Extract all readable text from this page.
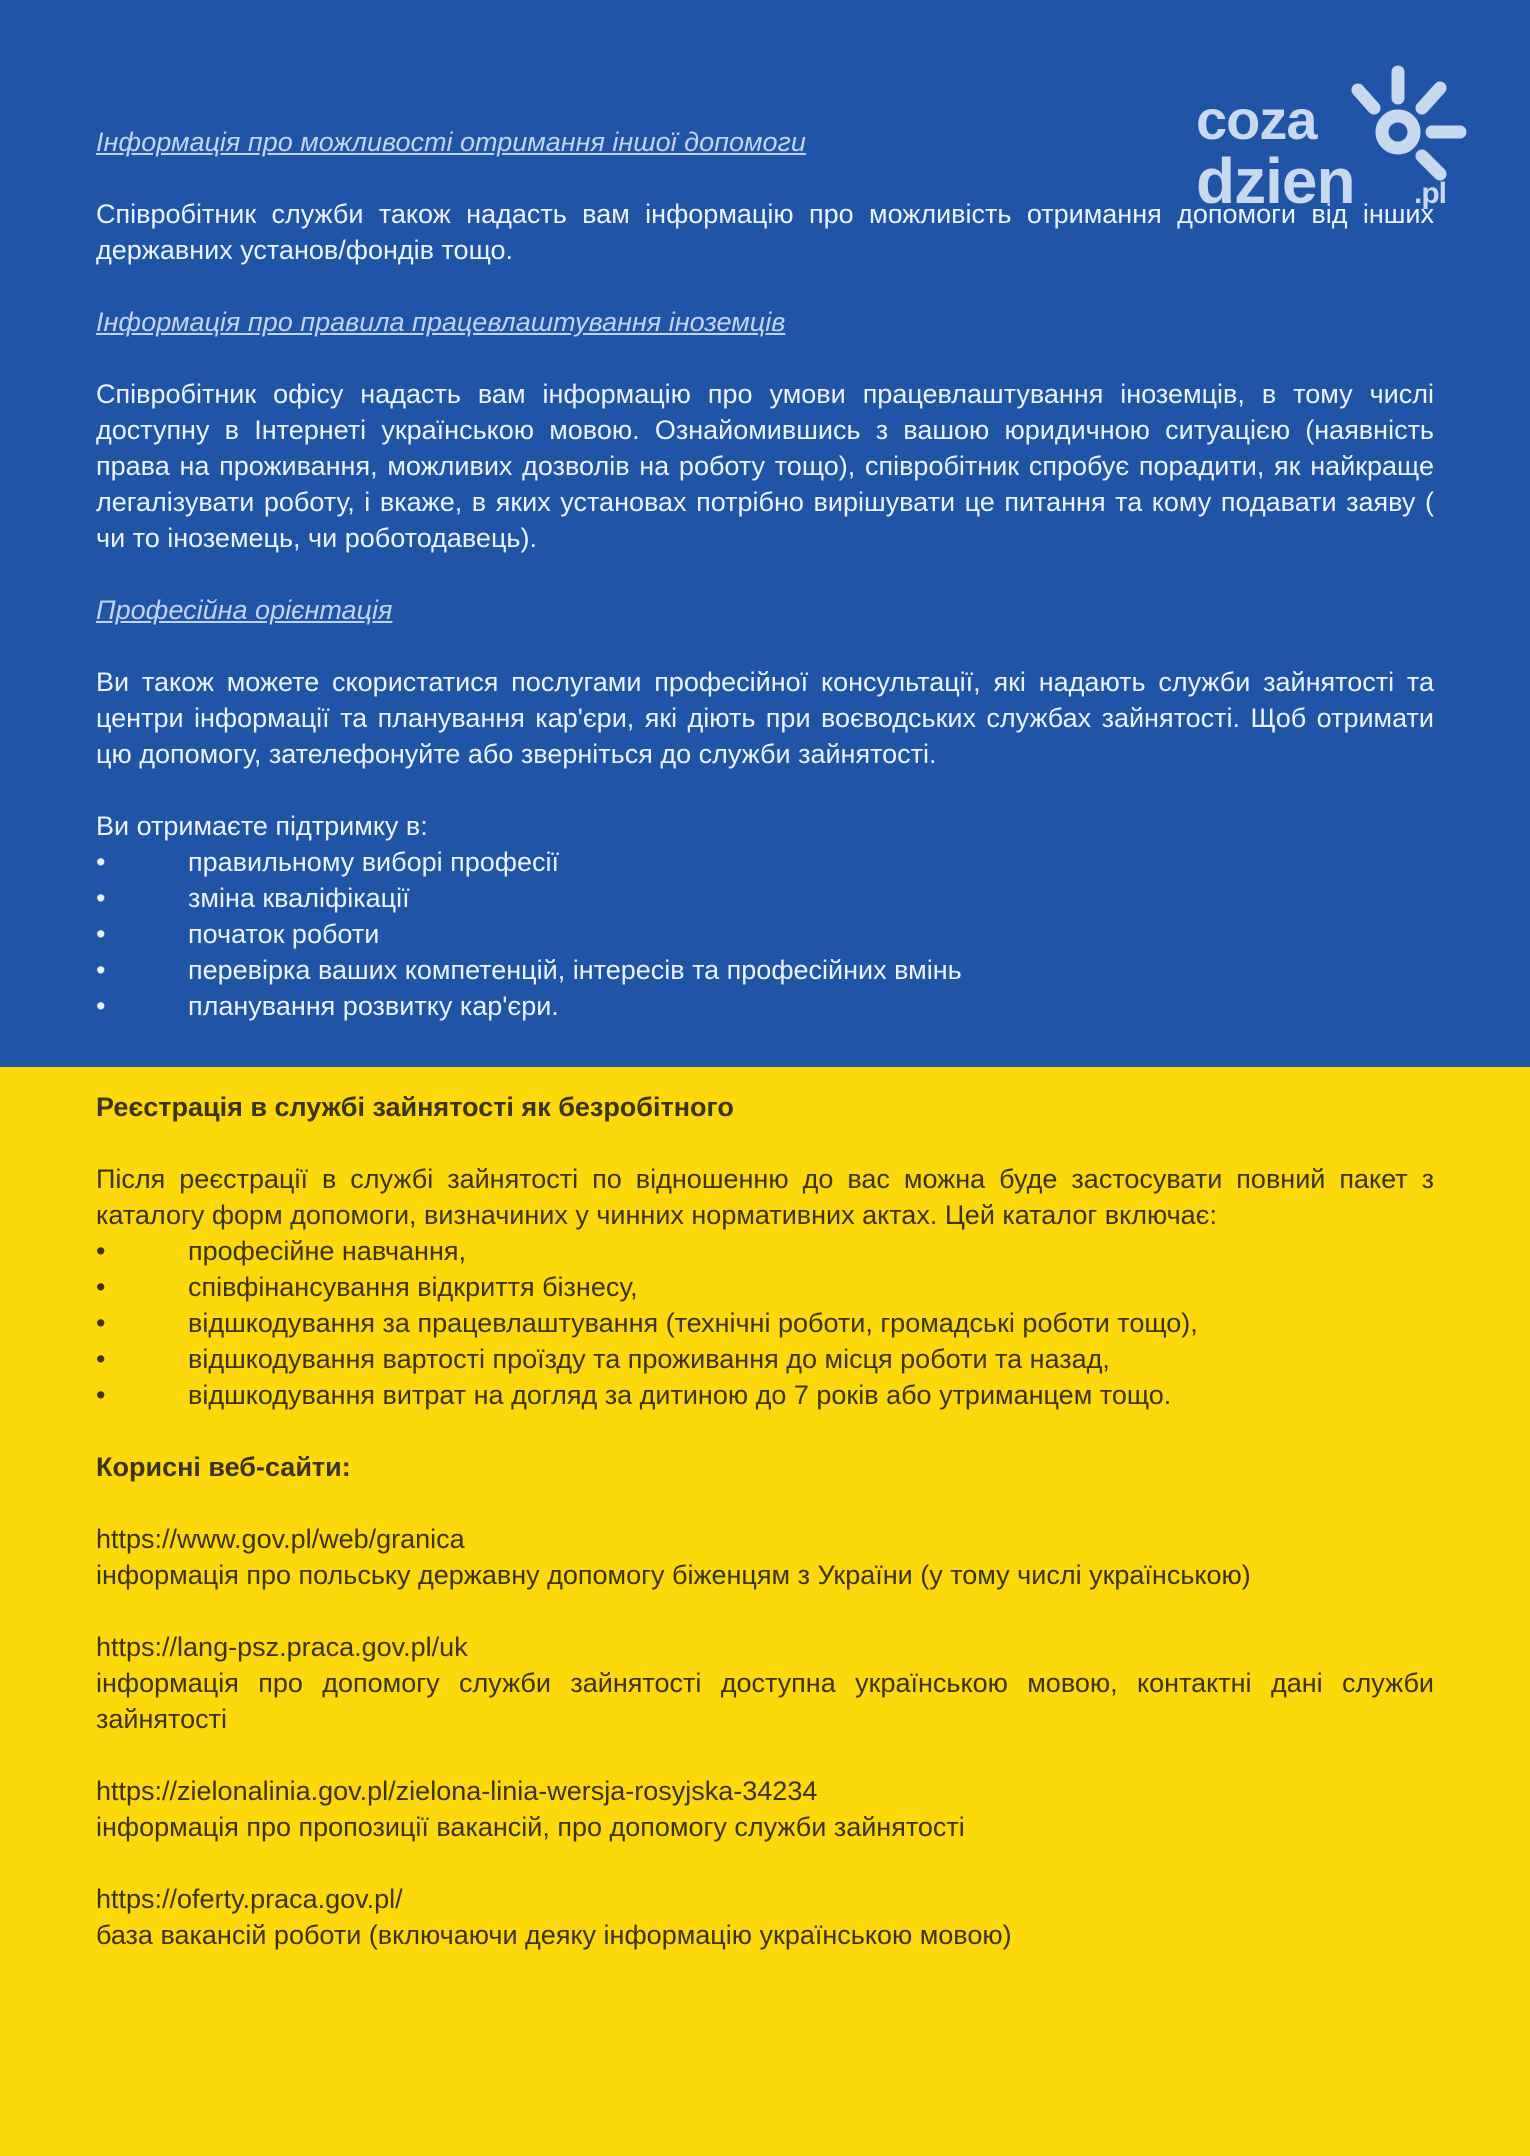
coza
dzien .pl

Інформація про можливості отримання іншої допомоги

Співробітник служби також надасть вам інформацію про можливість отримання допомоги від інших державних установ/фондів тощо.

Інформація про правила працевлаштування іноземців

Співробітник офісу надасть вам інформацію про умови працевлаштування іноземців, в тому числі доступну в Інтернеті українською мовою. Ознайомившись з вашою юридичною ситуацією (наявність права на проживання, можливих дозволів на роботу тощо), співробітник спробує порадити, як найкраще легалізувати роботу, і вкаже, в яких установах потрібно вирішувати це питання та кому подавати заяву ( чи то іноземець, чи роботодавець).

Професійна орієнтація

Ви також можете скористатися послугами професійної консультації, які надають служби зайнятості та центри інформації та планування кар'єри, які діють при воєводських службах зайнятості. Щоб отримати цю допомогу, зателефонуйте або зверніться до служби зайнятості.

Ви отримаєте підтримку в:

• правильному виборі професії
• зміна кваліфікації
• початок роботи
• перевірка ваших компетенцій, інтересів та професійних вмінь
• планування розвитку кар'єри.

Реєстрація в службі зайнятості як безробітного

Після реєстрації в службі зайнятості по відношенню до вас можна буде застосувати повний пакет з каталогу форм допомоги, визначиних у чинних нормативних актах. Цей каталог включає:

• професійне навчання,
• співфінансування відкриття бізнесу,
• відшкодування за працевлаштування (технічні роботи, громадські роботи тощо),
• відшкодування вартості проїзду та проживання до місця роботи та назад,
• відшкодування витрат на догляд за дитиною до 7 років або утриманцем тощо.

Корисні веб-сайти:

https://www.gov.pl/web/granica

інформація про польську державну допомогу біженцям з України (у тому числі українською)

https://lang-psz.praca.gov.pl/uk

інформація про допомогу служби зайнятості доступна українською мовою, контактні дані служби зайнятості

https://zielonalinia.gov.pl/zielona-linia-wersja-rosyjska-34234

інформація про пропозиції вакансій, про допомогу служби зайнятості

https://oferty.praca.gov.pl/

база вакансій роботи (включаючи деяку інформацію українською мовою)
